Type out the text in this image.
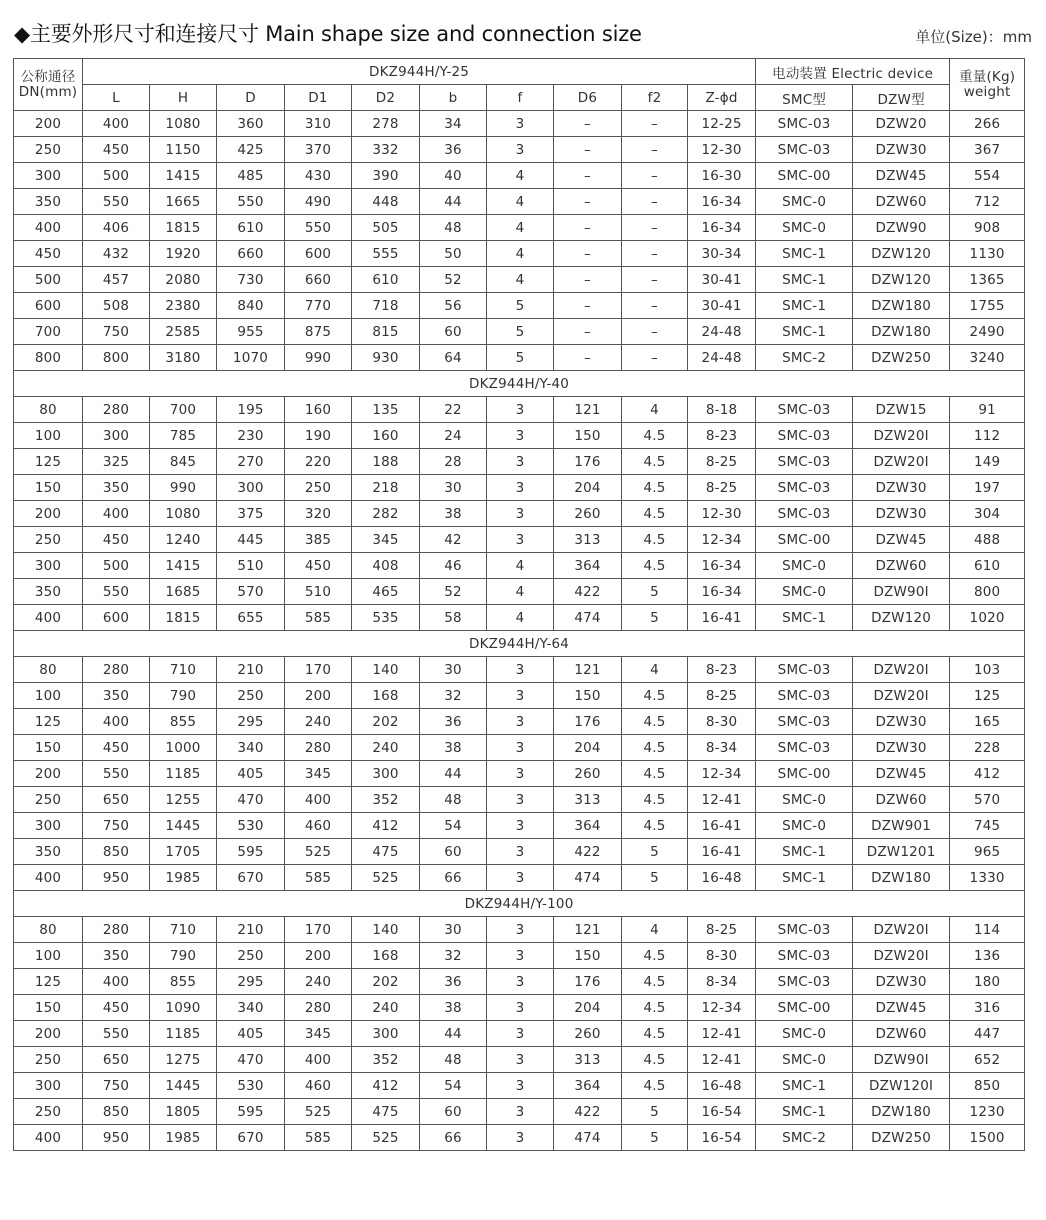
◆主要外形尺寸和连接尺寸 Main shape size and connection size	单位(Size)：mm
公称通径
DN(mm)	DKZ944H/Y-25										电动装置 Electric device		重量(Kg)
weight

	L	H	D	D1	D2	b	f	D6	f2	Z-ϕd	SMC型	DZW型	
200	400	1080	360	310	278	34	3	–	–	12-25	SMC-03	DZW20	266
250	450	1150	425	370	332	36	3	–	–	12-30	SMC-03	DZW30	367
300	500	1415	485	430	390	40	4	–	–	16-30	SMC-00	DZW45	554
350	550	1665	550	490	448	44	4	–	–	16-34	SMC-0	DZW60	712
400	406	1815	610	550	505	48	4	–	–	16-34	SMC-0	DZW90	908
450	432	1920	660	600	555	50	4	–	–	30-34	SMC-1	DZW120	1130
500	457	2080	730	660	610	52	4	–	–	30-41	SMC-1	DZW120	1365
600	508	2380	840	770	718	56	5	–	–	30-41	SMC-1	DZW180	1755
700	750	2585	955	875	815	60	5	–	–	24-48	SMC-1	DZW180	2490
800	800	3180	1070	990	930	64	5	–	–	24-48	SMC-2	DZW250	3240
DKZ944H/Y-40													
80	280	700	195	160	135	22	3	121	4	8-18	SMC-03	DZW15	91
100	300	785	230	190	160	24	3	150	4.5	8-23	SMC-03	DZW20I	112
125	325	845	270	220	188	28	3	176	4.5	8-25	SMC-03	DZW20I	149
150	350	990	300	250	218	30	3	204	4.5	8-25	SMC-03	DZW30	197
200	400	1080	375	320	282	38	3	260	4.5	12-30	SMC-03	DZW30	304
250	450	1240	445	385	345	42	3	313	4.5	12-34	SMC-00	DZW45	488
300	500	1415	510	450	408	46	4	364	4.5	16-34	SMC-0	DZW60	610
350	550	1685	570	510	465	52	4	422	5	16-34	SMC-0	DZW90I	800
400	600	1815	655	585	535	58	4	474	5	16-41	SMC-1	DZW120	1020
DKZ944H/Y-64													
80	280	710	210	170	140	30	3	121	4	8-23	SMC-03	DZW20I	103
100	350	790	250	200	168	32	3	150	4.5	8-25	SMC-03	DZW20I	125
125	400	855	295	240	202	36	3	176	4.5	8-30	SMC-03	DZW30	165
150	450	1000	340	280	240	38	3	204	4.5	8-34	SMC-03	DZW30	228
200	550	1185	405	345	300	44	3	260	4.5	12-34	SMC-00	DZW45	412
250	650	1255	470	400	352	48	3	313	4.5	12-41	SMC-0	DZW60	570
300	750	1445	530	460	412	54	3	364	4.5	16-41	SMC-0	DZW901	745
350	850	1705	595	525	475	60	3	422	5	16-41	SMC-1	DZW1201	965
400	950	1985	670	585	525	66	3	474	5	16-48	SMC-1	DZW180	1330
DKZ944H/Y-100													
80	280	710	210	170	140	30	3	121	4	8-25	SMC-03	DZW20I	114
100	350	790	250	200	168	32	3	150	4.5	8-30	SMC-03	DZW20I	136
125	400	855	295	240	202	36	3	176	4.5	8-34	SMC-03	DZW30	180
150	450	1090	340	280	240	38	3	204	4.5	12-34	SMC-00	DZW45	316
200	550	1185	405	345	300	44	3	260	4.5	12-41	SMC-0	DZW60	447
250	650	1275	470	400	352	48	3	313	4.5	12-41	SMC-0	DZW90I	652
300	750	1445	530	460	412	54	3	364	4.5	16-48	SMC-1	DZW120I	850
250	850	1805	595	525	475	60	3	422	5	16-54	SMC-1	DZW180	1230
400	950	1985	670	585	525	66	3	474	5	16-54	SMC-2	DZW250	1500
